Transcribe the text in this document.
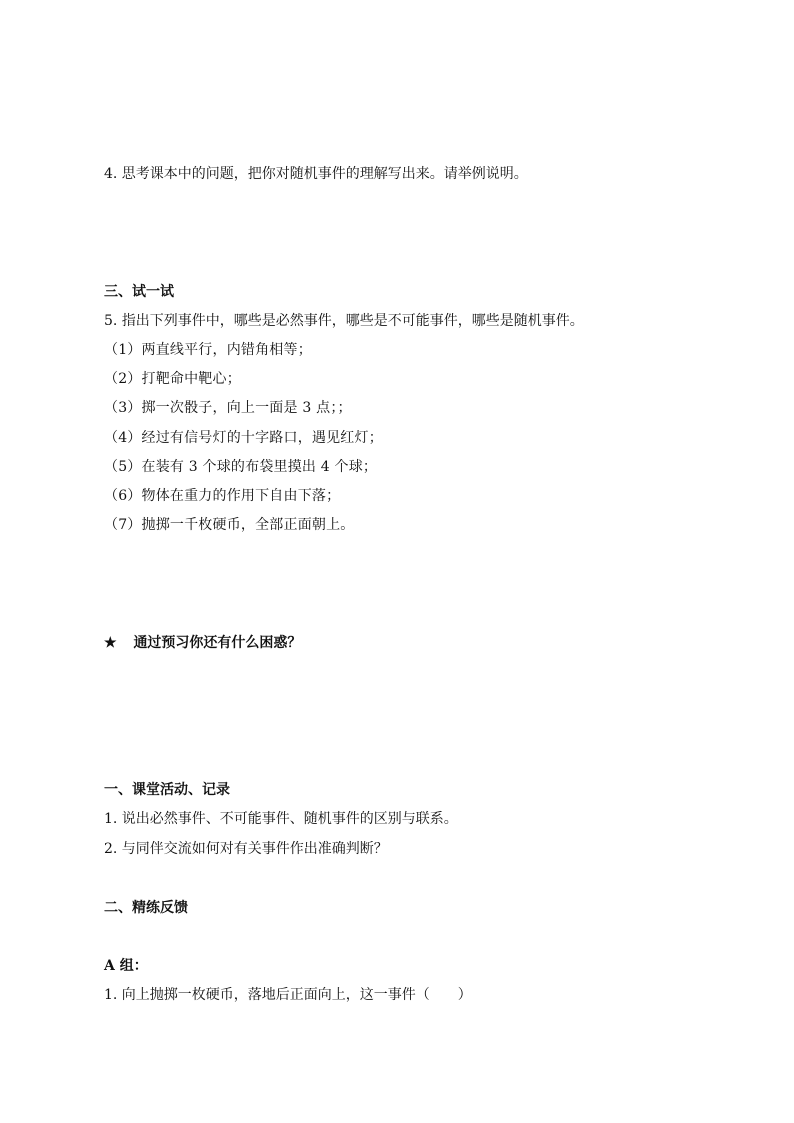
4. 思考课本中的问题，把你对随机事件的理解写出来。请举例说明。
三、试一试
5. 指出下列事件中，哪些是必然事件，哪些是不可能事件，哪些是随机事件。
（1）两直线平行，内错角相等；
（2）打靶命中靶心；
（3）掷一次骰子，向上一面是 3 点；；
（4）经过有信号灯的十字路口，遇见红灯；
（5）在装有 3 个球的布袋里摸出 4 个球；
（6）物体在重力的作用下自由下落；
（7）抛掷一千枚硬币，全部正面朝上。
★ 通过预习你还有什么困惑？
一、课堂活动、记录
1. 说出必然事件、不可能事件、随机事件的区别与联系。
2. 与同伴交流如何对有关事件作出准确判断？
二、精练反馈
A 组：
1. 向上抛掷一枚硬币，落地后正面向上，这一事件（　　）
